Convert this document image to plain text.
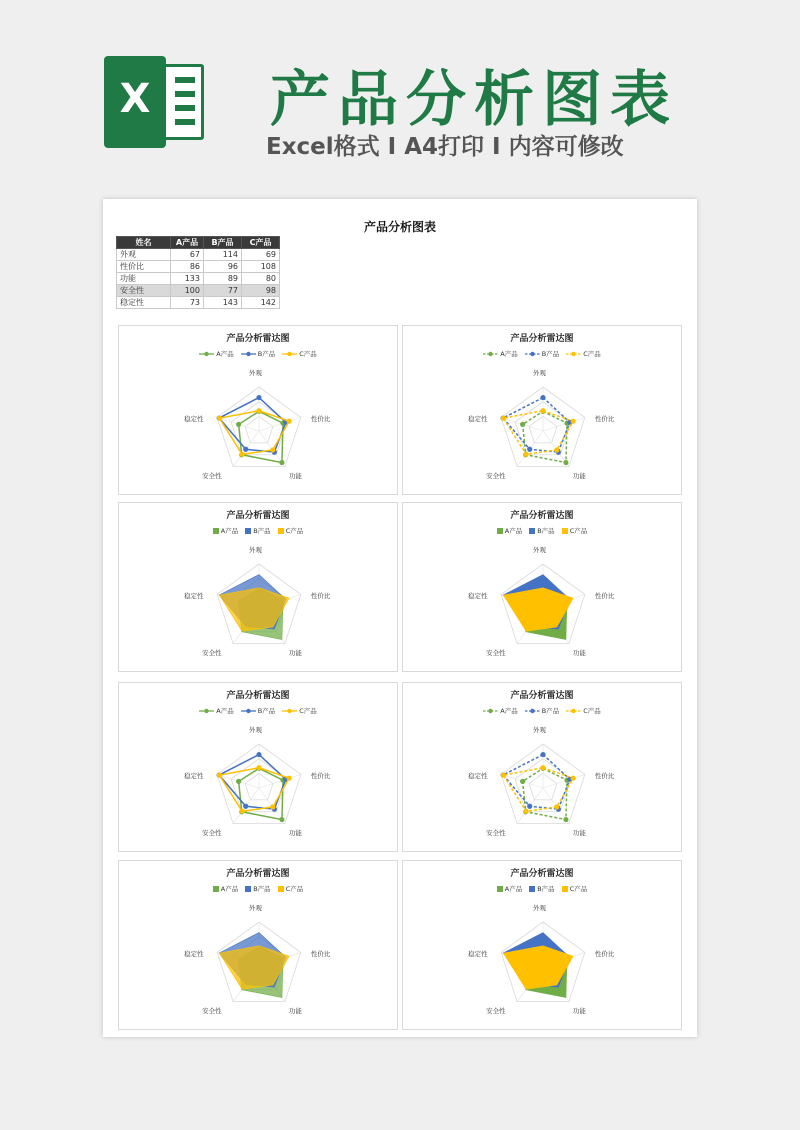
X 产品分析图表
Excel格式 I A4打印 I 内容可修改
产品分析图表
姓名	A产品	B产品	C产品
外观	67	114	69
性价比	86	96	108
功能	133	89	80
安全性	100	77	98
稳定性	73	143	142
产品分析雷达图
A产品	B产品	C产品
外观
性价比
功能
安全性
稳定性
产品分析雷达图
A产品	B产品	C产品
外观
性价比
功能
安全性
稳定性
产品分析雷达图
A产品 B产品 C产品
外观
性价比
功能
安全性
稳定性
产品分析雷达图
A产品 B产品 C产品
外观
性价比
功能
安全性
稳定性
产品分析雷达图
A产品	B产品	C产品
外观
性价比
功能
安全性
稳定性
产品分析雷达图
A产品	B产品	C产品
外观
性价比
功能
安全性
稳定性
产品分析雷达图
A产品 B产品 C产品
外观
性价比
功能
安全性
稳定性
产品分析雷达图
A产品 B产品 C产品
外观
性价比
功能
安全性
稳定性
